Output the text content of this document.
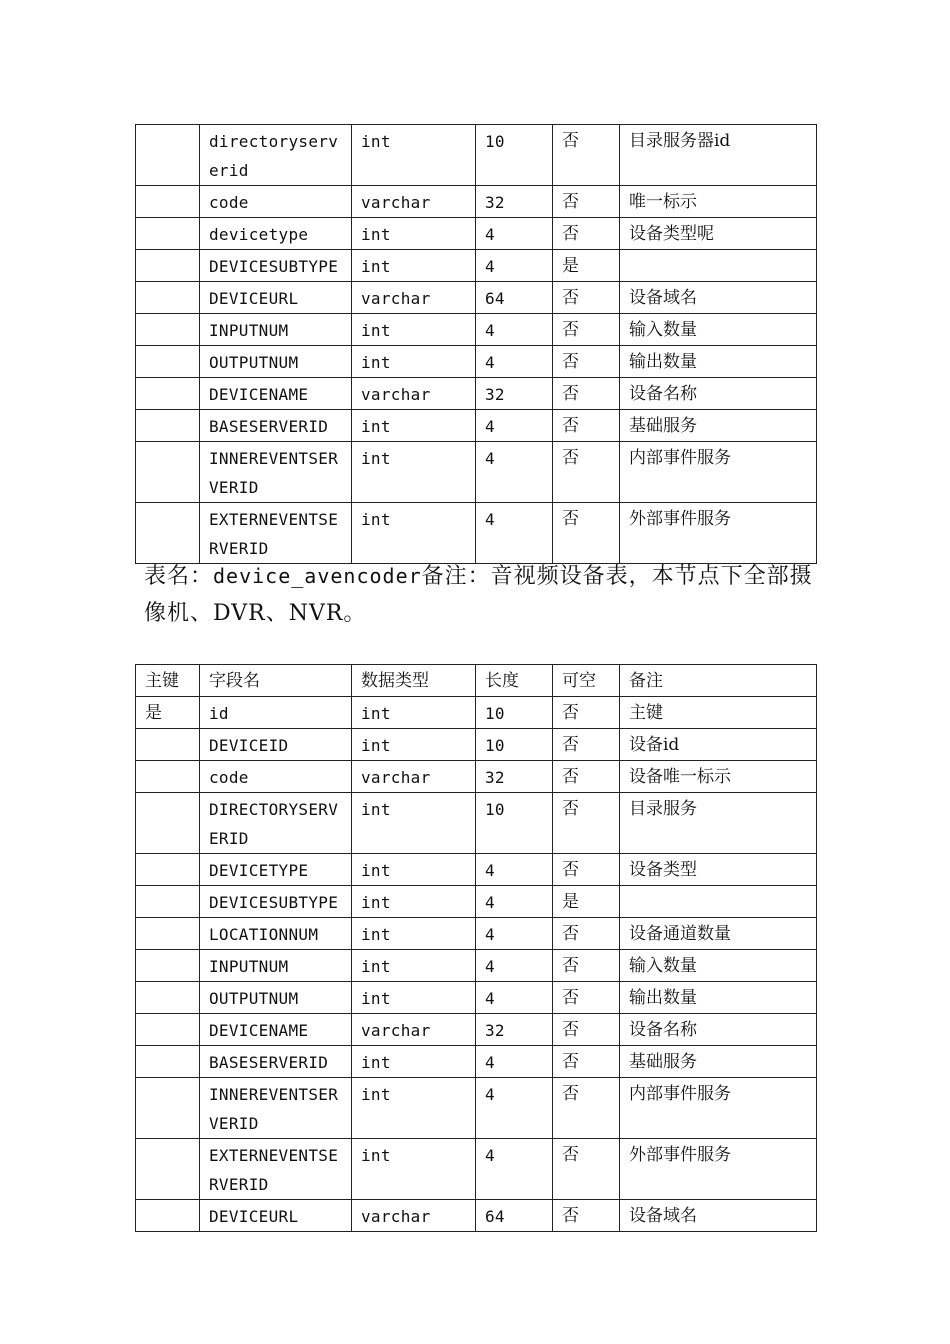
	directoryserverid	int	10	否	目录服务器id
	code	varchar	32	否	唯一标示
	devicetype	int	4	否	设备类型呢
	DEVICESUBTYPE	int	4	是	
	DEVICEURL	varchar	64	否	设备域名
	INPUTNUM	int	4	否	输入数量
	OUTPUTNUM	int	4	否	输出数量
	DEVICENAME	varchar	32	否	设备名称
	BASESERVERID	int	4	否	基础服务
	INNEREVENTSERVERID	int	4	否	内部事件服务
	EXTERNEVENTSERVERID	int	4	否	外部事件服务
表名：device_avencoder备注：音视频设备表，本节点下全部摄像机、DVR、NVR。
主键	字段名	数据类型	长度	可空	备注
是	id	int	10	否	主键
	DEVICEID	int	10	否	设备id
	code	varchar	32	否	设备唯一标示
	DIRECTORYSERVERID	int	10	否	目录服务
	DEVICETYPE	int	4	否	设备类型
	DEVICESUBTYPE	int	4	是	
	LOCATIONNUM	int	4	否	设备通道数量
	INPUTNUM	int	4	否	输入数量
	OUTPUTNUM	int	4	否	输出数量
	DEVICENAME	varchar	32	否	设备名称
	BASESERVERID	int	4	否	基础服务
	INNEREVENTSERVERID	int	4	否	内部事件服务
	EXTERNEVENTSERVERID	int	4	否	外部事件服务
	DEVICEURL	varchar	64	否	设备域名
